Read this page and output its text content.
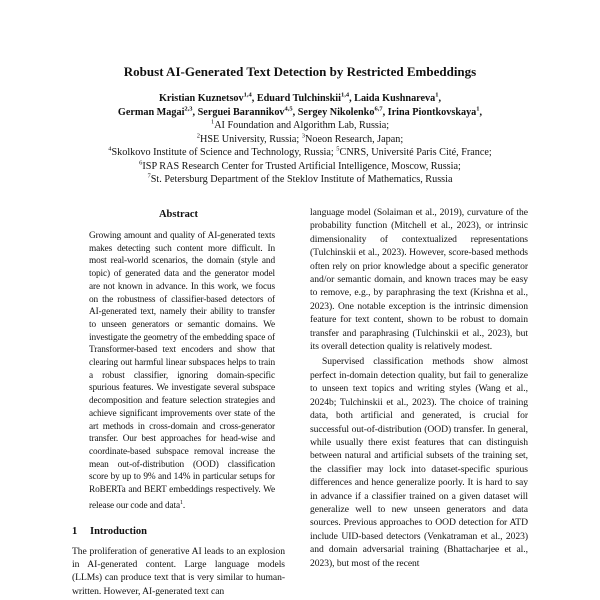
Robust AI-Generated Text Detection by Restricted Embeddings
Kristian Kuznetsov$^{1,4}$, Eduard Tulchinskii$^{1,4}$, Laida Kushnareva$^1$,
German Magai$^{2,3}$, Serguei Barannikov$^{4,5}$, Sergey Nikolenko$^{6,7}$, Irina Piontkovskaya$^1$,
$^1$AI Foundation and Algorithm Lab, Russia;
$^2$HSE University, Russia; $^3$Noeon Research, Japan;
$^4$Skolkovo Institute of Science and Technology, Russia; $^5$CNRS, Université Paris Cité, France;
$^6$ISP RAS Research Center for Trusted Artificial Intelligence, Moscow, Russia;
$^7$St. Petersburg Department of the Steklov Institute of Mathematics, Russia
Abstract

Growing amount and quality of AI-generated texts makes detecting such content more difficult. In most real-world scenarios, the domain (style and topic) of generated data and the generator model are not known in advance. In this work, we focus on the robustness of classifier-based detectors of AI-generated text, namely their ability to transfer to unseen generators or semantic domains. We investigate the geometry of the embedding space of Transformer-based text encoders and show that clearing out harmful linear subspaces helps to train a robust classifier, ignoring domain-specific spurious features. We investigate several subspace decomposition and feature selection strategies and achieve significant improvements over state of the art methods in cross-domain and cross-generator transfer. Our best approaches for head-wise and coordinate-based subspace removal increase the mean out-of-distribution (OOD) classification score by up to 9% and 14% in particular setups for RoBERTa and BERT embeddings respectively. We release our code and data$^1$.

1 Introduction

The proliferation of generative AI leads to an explosion in AI-generated content. Large language models (LLMs) can produce text that is very similar to human-written. However, AI-generated text can

language model (Solaiman et al., 2019), curvature of the probability function (Mitchell et al., 2023), or intrinsic dimensionality of contextualized representations (Tulchinskii et al., 2023). However, score-based methods often rely on prior knowledge about a specific generator and/or semantic domain, and known traces may be easy to remove, e.g., by paraphrasing the text (Krishna et al., 2023). One notable exception is the intrinsic dimension feature for text content, shown to be robust to domain transfer and paraphrasing (Tulchinskii et al., 2023), but its overall detection quality is relatively modest.

Supervised classification methods show almost perfect in-domain detection quality, but fail to generalize to unseen text topics and writing styles (Wang et al., 2024b; Tulchinskii et al., 2023). The choice of training data, both artificial and generated, is crucial for successful out-of-distribution (OOD) transfer. In general, while usually there exist features that can distinguish between natural and artificial subsets of the training set, the classifier may lock into dataset-specific spurious differences and hence generalize poorly. It is hard to say in advance if a classifier trained on a given dataset will generalize well to new unseen generators and data sources. Previous approaches to OOD detection for ATD include UID-based detectors (Venkatraman et al., 2023) and domain adversarial training (Bhattacharjee et al., 2023), but most of the recent
